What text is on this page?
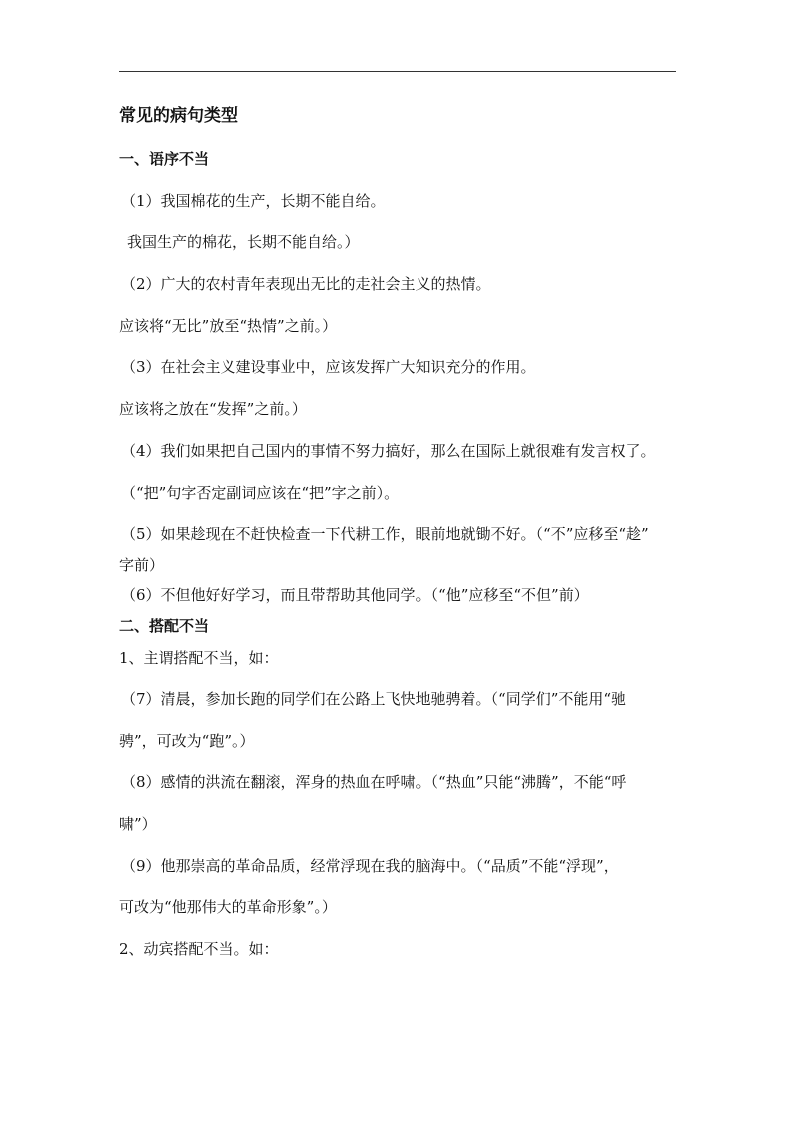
常见的病句类型
一、语序不当
（1）我国棉花的生产，长期不能自给。
我国生产的棉花，长期不能自给。）
（2）广大的农村青年表现出无比的走社会主义的热情。
应该将“无比”放至“热情”之前。）
（3）在社会主义建设事业中，应该发挥广大知识充分的作用。
应该将之放在“发挥”之前。）
（4）我们如果把自己国内的事情不努力搞好，那么在国际上就很难有发言权了。
（“把”句字否定副词应该在“把”字之前）。
（5）如果趁现在不赶快检查一下代耕工作，眼前地就锄不好。（“不”应移至“趁”
字前）
（6）不但他好好学习，而且带帮助其他同学。（“他”应移至“不但”前）
二、搭配不当
1、主谓搭配不当，如：
（7）清晨，参加长跑的同学们在公路上飞快地驰骋着。（“同学们”不能用“驰
骋”，可改为“跑”。）
（8）感情的洪流在翻滚，浑身的热血在呼啸。（“热血”只能“沸腾”，不能“呼
啸”）
（9）他那崇高的革命品质，经常浮现在我的脑海中。（“品质”不能“浮现”，
可改为“他那伟大的革命形象”。）
2、动宾搭配不当。如：
